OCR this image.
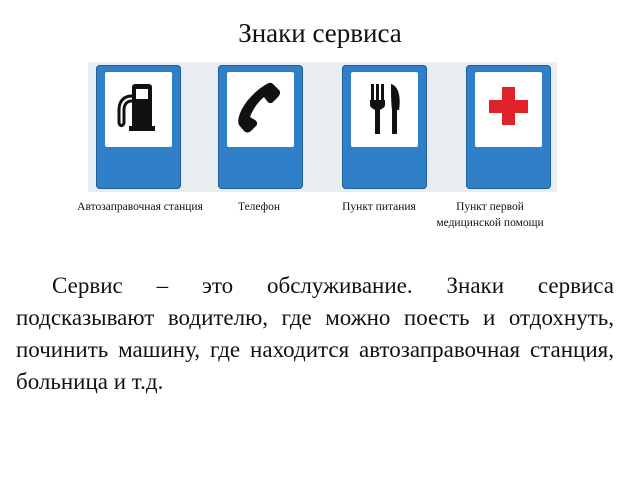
Знаки сервиса
Автозаправочная станция	Телефон	Пункт питания	Пункт первой медицинской помощи
Сервис – это обслуживание. Знаки сервиса подсказывают водителю, где можно поесть и отдохнуть, починить машину, где находится автозаправочная станция, больница и т.д.
